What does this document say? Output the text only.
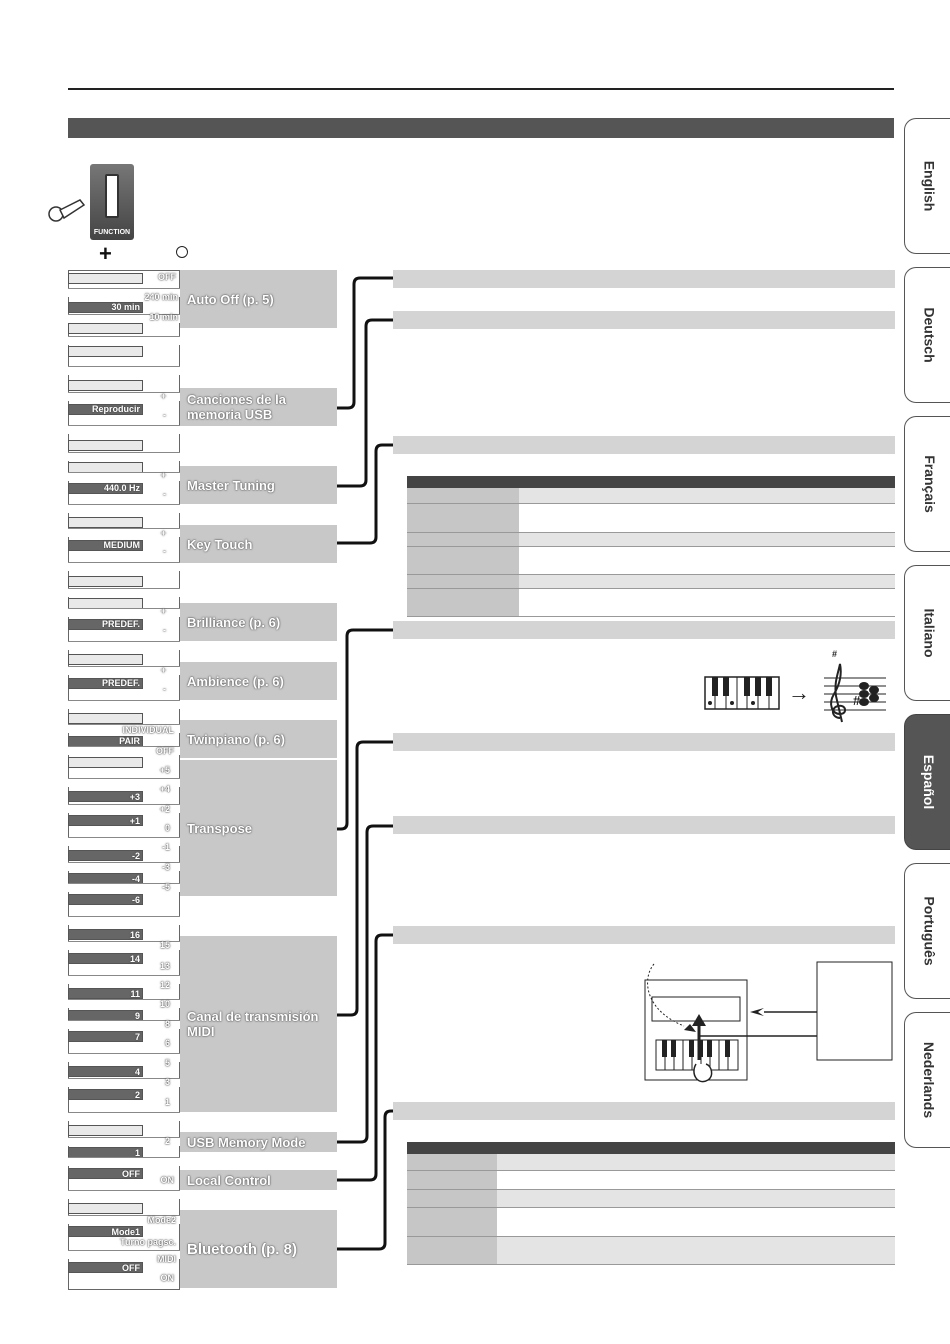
FUNCTION
+
OFF
240 min
30 min
10 min
+
Reproducir
-
+
440.0 Hz
-
+
MEDIUM
-
+
PREDEF.
-
+
PREDEF.
-
INDIVIDUAL
PAIR
OFF
+5
+4
+3
+2
+1
0
-1
-2
-3
-4
-5
-6
16
15
14
13
12
11
10
9
8
7
6
5
4
3
2
1
2
1
OFF
ON
Mode2
Mode1
Turno pagsc.
MIDI
OFF
ON
Auto Off (p. 5)
Canciones de la memoria USB
Master Tuning
Key Touch
Brilliance (p. 6)
Ambience (p. 6)
Twinpiano (p. 6)
Transpose
Canal de transmisión MIDI
USB Memory Mode
Local Control
Bluetooth (p. 8)
→
#
#
English
Deutsch
Français
Italiano
Español
Português
Nederlands
